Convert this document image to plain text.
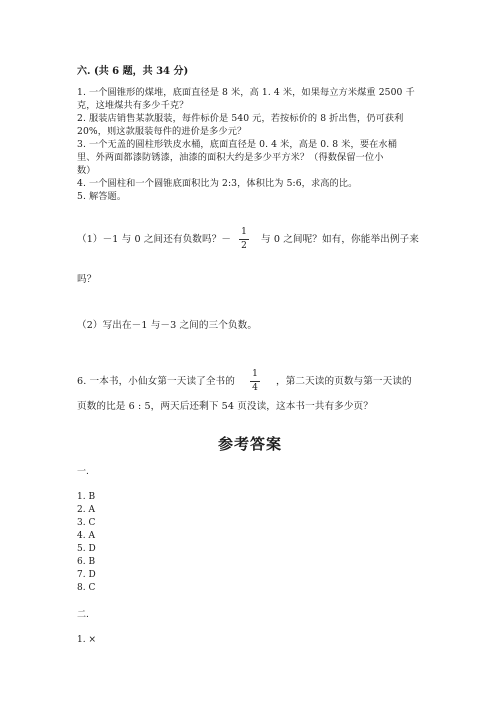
六. (共 6 题，共 34 分)
1. 一个圆锥形的煤堆，底面直径是 8 米，高 1. 4 米，如果每立方米煤重 2500 千
克，这堆煤共有多少千克？
2. 服装店销售某款服装，每件标价是 540 元，若按标价的 8 折出售，仍可获利
20%，则这款服装每件的进价是多少元？
3. 一个无盖的圆柱形铁皮水桶，底面直径是 0. 4 米，高是 0. 8 米，要在水桶
里、外两面都漆防锈漆，油漆的面积大约是多少平方米？（得数保留一位小
数）
4. 一个圆柱和一个圆锥底面积比为 2:3，体积比为 5:6，求高的比。
5. 解答题。
（1）－1 与 0 之间还有负数吗？－
1
2
与 0 之间呢？如有，你能举出例子来
吗？
（2）写出在－1 与－3 之间的三个负数。
6. 一本书，小仙女第一天读了全书的
1
4
，第二天读的页数与第一天读的
页数的比是 6 : 5，两天后还剩下 54 页没读，这本书一共有多少页？
参考答案
一.
1. B
2. A
3. C
4. A
5. D
6. B
7. D
8. C
二.
1. ×
